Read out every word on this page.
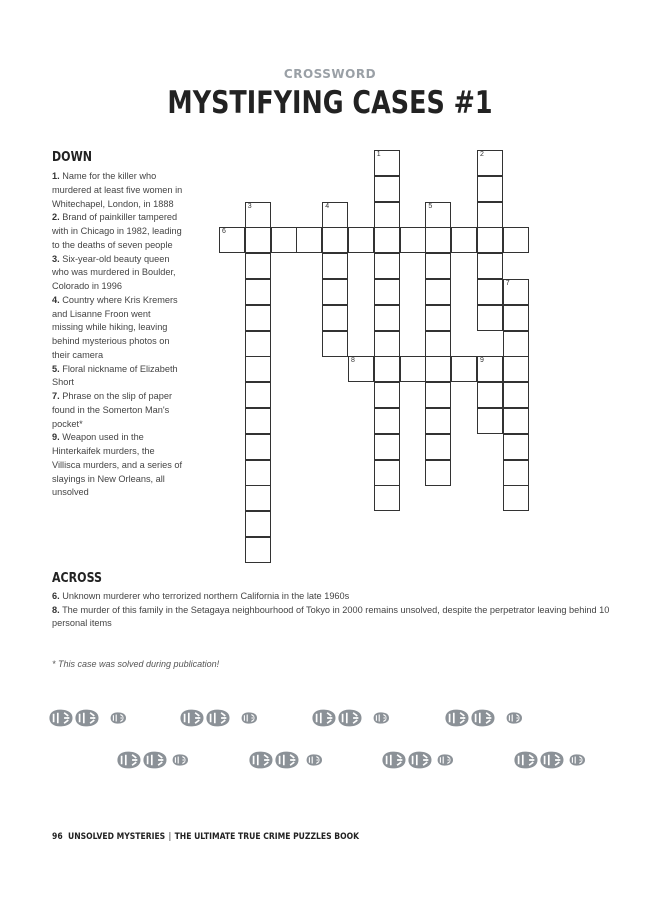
CROSSWORD
MYSTIFYING CASES #1
DOWN

1. Name for the killer who murdered at least five women in Whitechapel, London, in 1888

2. Brand of painkiller tampered with in Chicago in 1982, leading to the deaths of seven people

3. Six-year-old beauty queen who was murdered in Boulder, Colorado in 1996

4. Country where Kris Kremers and Lisanne Froon went missing while hiking, leaving behind mysterious photos on their camera

5. Floral nickname of Elizabeth Short

7. Phrase on the slip of paper found in the Somerton Man's pocket*

9. Weapon used in the Hinterkaifek murders, the Villisca murders, and a series of slayings in New Orleans, all unsolved

ACROSS

6. Unknown murderer who terrorized northern California in the late 1960s

8. The murder of this family in the Setagaya neighbourhood of Tokyo in 2000 remains unsolved, despite the perpetrator leaving behind 10 personal items

* This case was solved during publication!
1	2
3	4	5
6
7
8	9
96 UNSOLVED MYSTERIES | THE ULTIMATE TRUE CRIME PUZZLES BOOK
